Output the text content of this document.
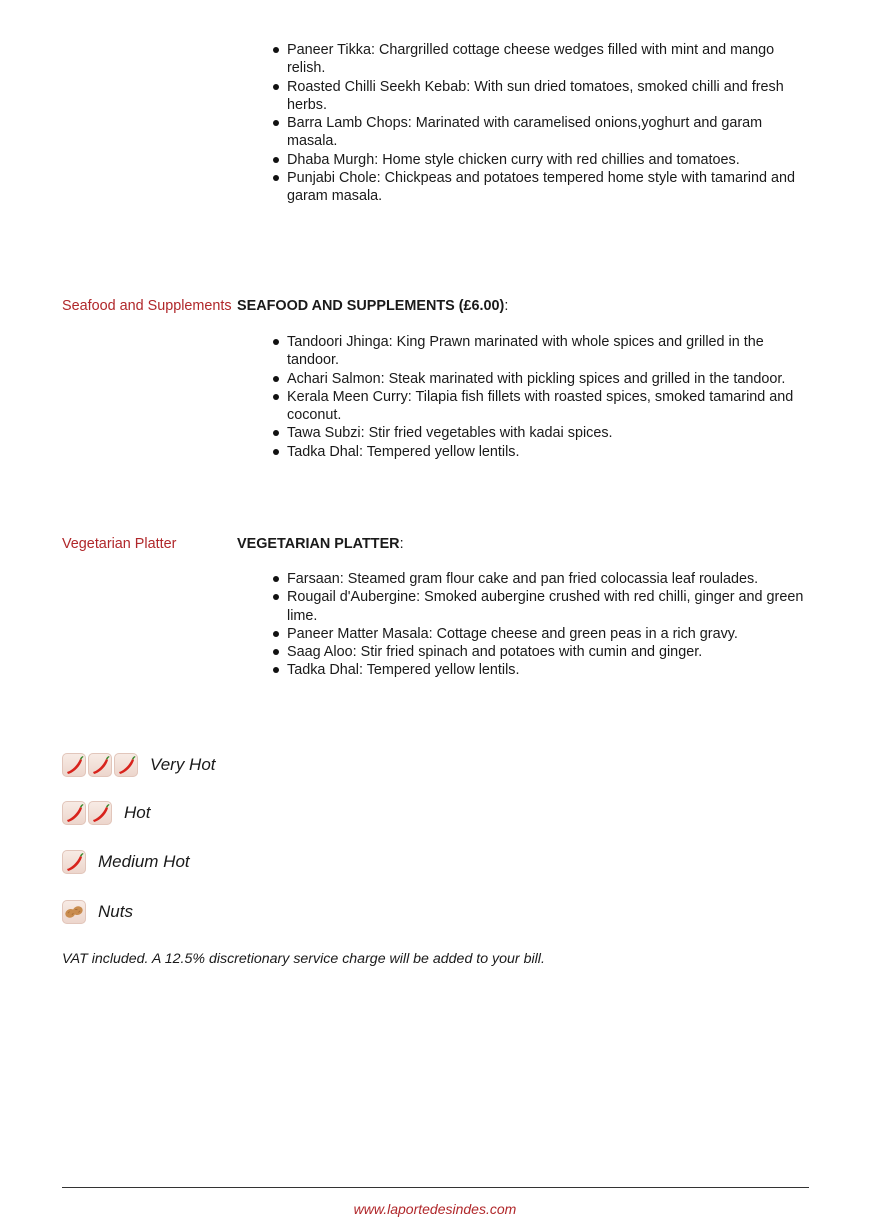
Paneer Tikka: Chargrilled cottage cheese wedges filled with mint and mango relish.
Roasted Chilli Seekh Kebab: With sun dried tomatoes, smoked chilli and fresh herbs.
Barra Lamb Chops: Marinated with caramelised onions,yoghurt and garam masala.
Dhaba Murgh: Home style chicken curry with red chillies and tomatoes.
Punjabi Chole: Chickpeas and potatoes tempered home style with tamarind and garam masala.
Seafood and Supplements SEAFOOD AND SUPPLEMENTS (£6.00):
Tandoori Jhinga: King Prawn marinated with whole spices and grilled in the tandoor.
Achari Salmon: Steak marinated with pickling spices and grilled in the tandoor.
Kerala Meen Curry: Tilapia fish fillets with roasted spices, smoked tamarind and coconut.
Tawa Subzi: Stir fried vegetables with kadai spices.
Tadka Dhal: Tempered yellow lentils.
Vegetarian Platter	VEGETARIAN PLATTER:
Farsaan: Steamed gram flour cake and pan fried colocassia leaf roulades.
Rougail d'Aubergine: Smoked aubergine crushed with red chilli, ginger and green lime.
Paneer Matter Masala: Cottage cheese and green peas in a rich gravy.
Saag Aloo: Stir fried spinach and potatoes with cumin and ginger.
Tadka Dhal: Tempered yellow lentils.
Very Hot
Hot
Medium Hot
Nuts
VAT included. A 12.5% discretionary service charge will be added to your bill.
www.laportedesindes.com
